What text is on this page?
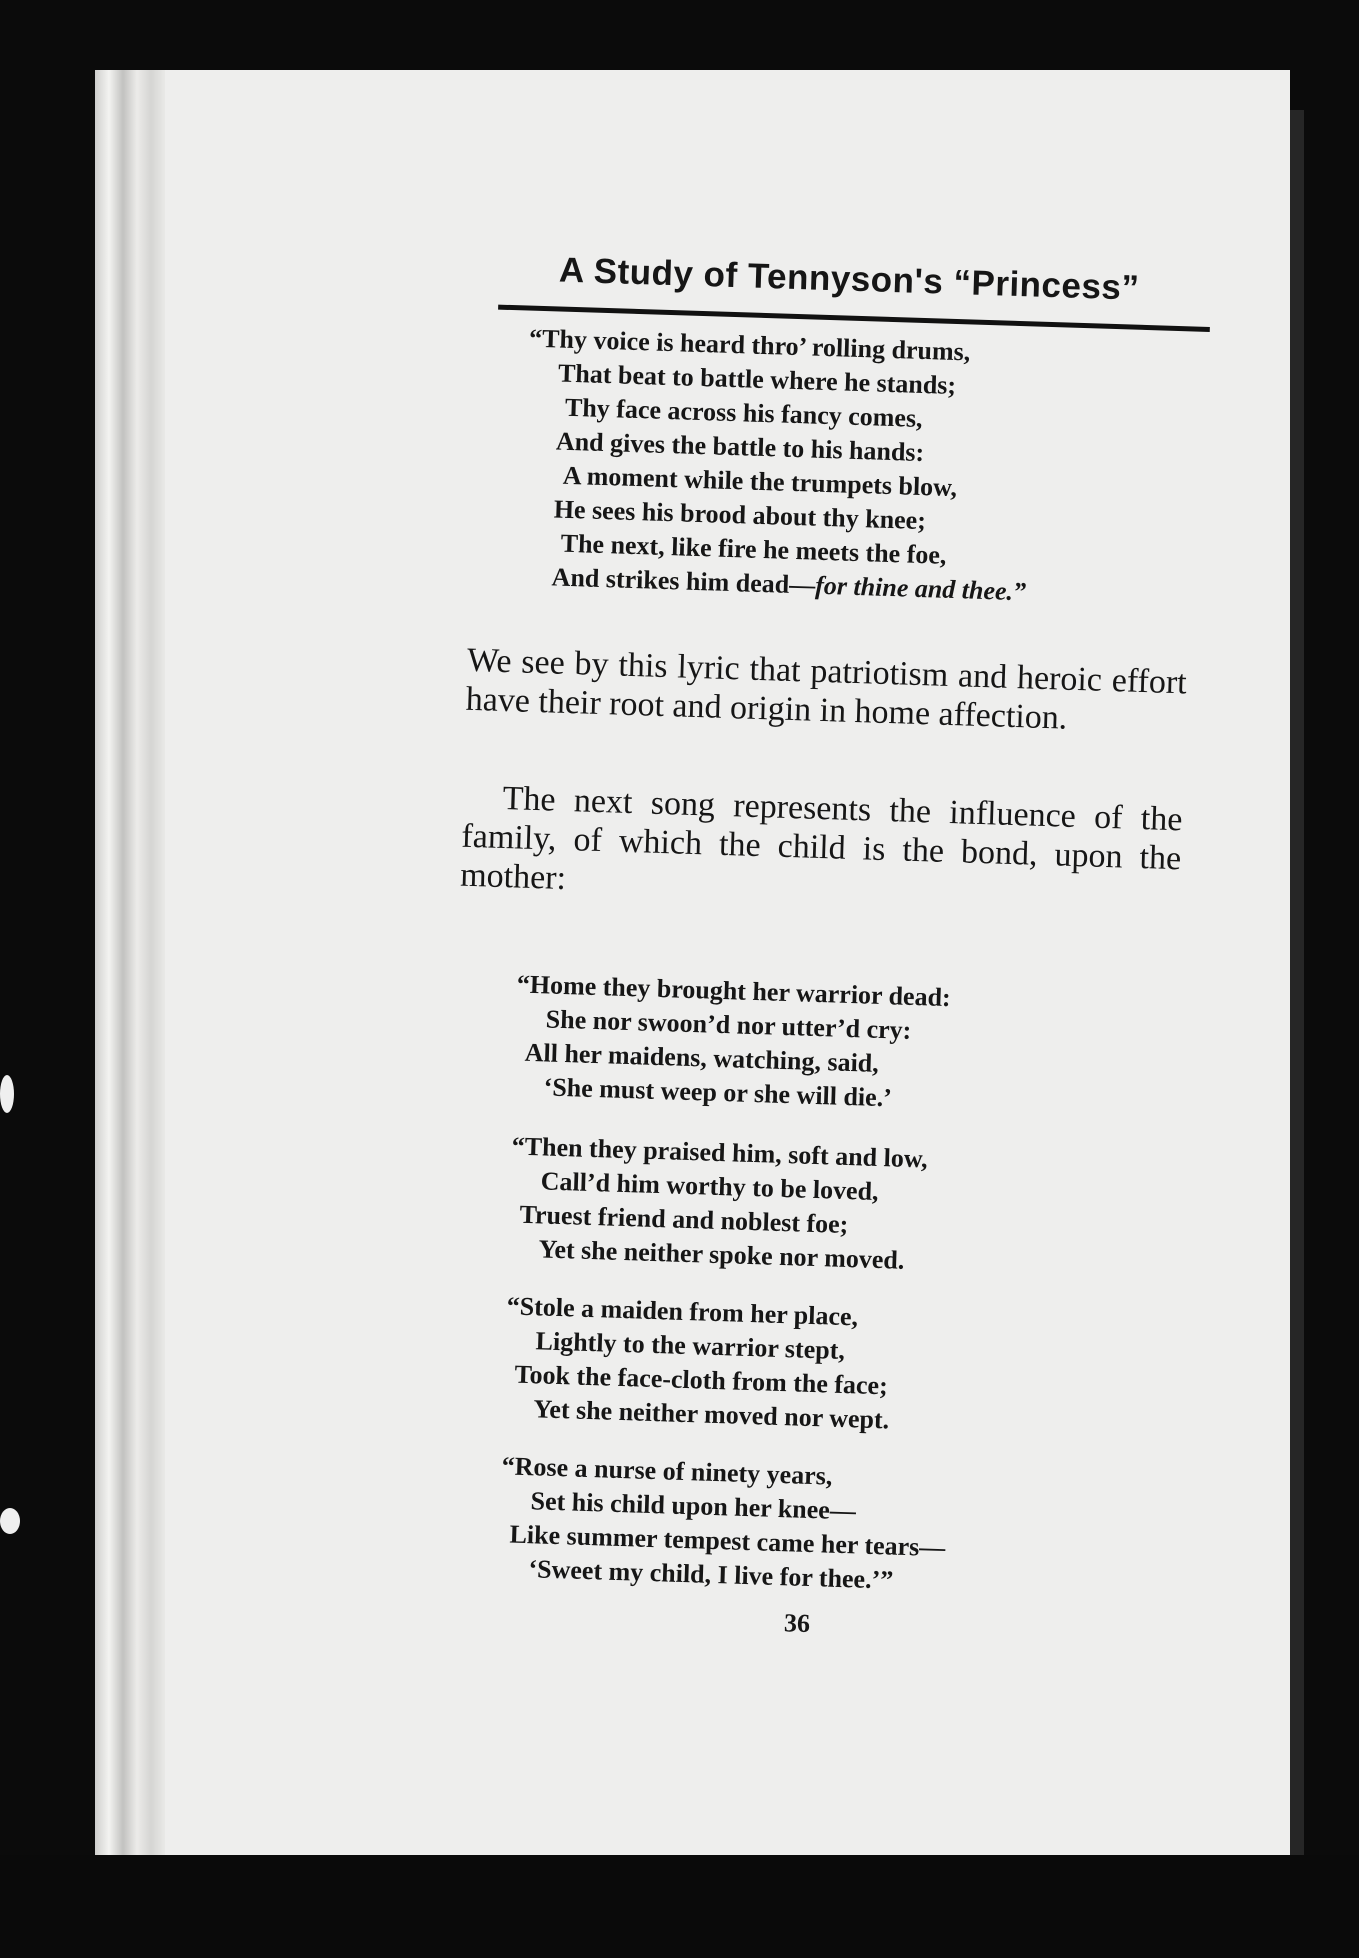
A Study of Tennyson's “Princess”
“Thy voice is heard thro’ rolling drums,
That beat to battle where he stands;
Thy face across his fancy comes,
And gives the battle to his hands:
A moment while the trumpets blow,
He sees his brood about thy knee;
The next, like fire he meets the foe,
And strikes him dead—for thine and thee.”
We see by this lyric that patriotism and heroic effort have their root and origin in home affection.
The next song represents the influence of the family, of which the child is the bond, upon the mother:
“Home they brought her warrior dead:
She nor swoon’d nor utter’d cry:
All her maidens, watching, said,
‘She must weep or she will die.’
“Then they praised him, soft and low,
Call’d him worthy to be loved,
Truest friend and noblest foe;
Yet she neither spoke nor moved.
“Stole a maiden from her place,
Lightly to the warrior stept,
Took the face-cloth from the face;
Yet she neither moved nor wept.
“Rose a nurse of ninety years,
Set his child upon her knee—
Like summer tempest came her tears—
‘Sweet my child, I live for thee.’”
36
